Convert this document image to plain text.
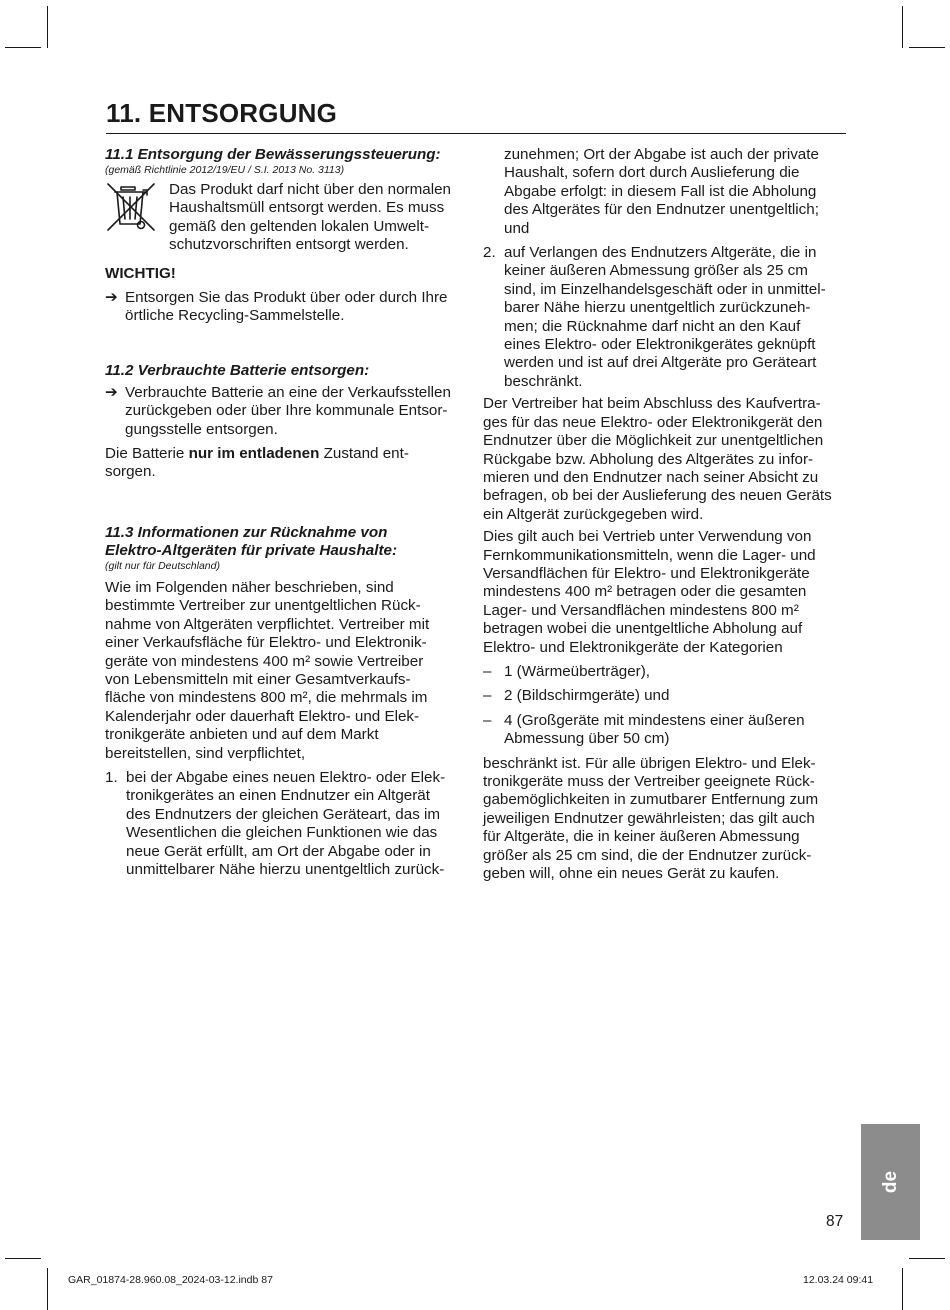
11. ENTSORGUNG

11.1 Entsorgung der Bewässerungssteuerung:

(gemäß Richtlinie 2012/19/EU / S.I. 2013 No. 3113)

Das Produkt darf nicht über den normalen

Haushaltsmüll entsorgt werden. Es muss

gemäß den geltenden lokalen Umwelt-

schutzvorschriften entsorgt werden.

WICHTIG!

➔ Entsorgen Sie das Produkt über oder durch Ihre

örtliche Recycling-Sammelstelle.

11.2 Verbrauchte Batterie entsorgen:

➔ Verbrauchte Batterie an eine der Verkaufsstellen

zurückgeben oder über Ihre kommunale Entsor-

gungsstelle entsorgen.

Die Batterie nur im entladenen Zustand ent-

sorgen.

11.3 Informationen zur Rücknahme von

Elektro-Altgeräten für private Haushalte:

(gilt nur für Deutschland)

Wie im Folgenden näher beschrieben, sind

bestimmte Vertreiber zur unentgeltlichen Rück-

nahme von Altgeräten verpflichtet. Vertreiber mit

einer Verkaufsfläche für Elektro- und Elektronik-

geräte von mindestens 400 m² sowie Vertreiber

von Lebensmitteln mit einer Gesamtverkaufs-

fläche von mindestens 800 m², die mehrmals im

Kalenderjahr oder dauerhaft Elektro- und Elek-

tronikgeräte anbieten und auf dem Markt

bereitstellen, sind verpflichtet,

1. bei der Abgabe eines neuen Elektro- oder Elek-

tronikgerätes an einen Endnutzer ein Altgerät

des Endnutzers der gleichen Geräteart, das im

Wesentlichen die gleichen Funktionen wie das

neue Gerät erfüllt, am Ort der Abgabe oder in

unmittelbarer Nähe hierzu unentgeltlich zurück-

zunehmen; Ort der Abgabe ist auch der private

Haushalt, sofern dort durch Auslieferung die

Abgabe erfolgt: in diesem Fall ist die Abholung

des Altgerätes für den Endnutzer unentgeltlich;

und

2. auf Verlangen des Endnutzers Altgeräte, die in

keiner äußeren Abmessung größer als 25 cm

sind, im Einzelhandelsgeschäft oder in unmittel-

barer Nähe hierzu unentgeltlich zurückzuneh-

men; die Rücknahme darf nicht an den Kauf

eines Elektro- oder Elektronikgerätes geknüpft

werden und ist auf drei Altgeräte pro Geräteart

beschränkt.

Der Vertreiber hat beim Abschluss des Kaufvertra-

ges für das neue Elektro- oder Elektronikgerät den

Endnutzer über die Möglichkeit zur unentgeltlichen

Rückgabe bzw. Abholung des Altgerätes zu infor-

mieren und den Endnutzer nach seiner Absicht zu

befragen, ob bei der Auslieferung des neuen Geräts

ein Altgerät zurückgegeben wird.

Dies gilt auch bei Vertrieb unter Verwendung von

Fernkommunikationsmitteln, wenn die Lager- und

Versandflächen für Elektro- und Elektronikgeräte

mindestens 400 m² betragen oder die gesamten

Lager- und Versandflächen mindestens 800 m²

betragen wobei die unentgeltliche Abholung auf

Elektro- und Elektronikgeräte der Kategorien

– 1 (Wärmeüberträger),

– 2 (Bildschirmgeräte) und

– 4 (Großgeräte mit mindestens einer äußeren

Abmessung über 50 cm)

beschränkt ist. Für alle übrigen Elektro- und Elek-

tronikgeräte muss der Vertreiber geeignete Rück-

gabemöglichkeiten in zumutbarer Entfernung zum

jeweiligen Endnutzer gewährleisten; das gilt auch

für Altgeräte, die in keiner äußeren Abmessung

größer als 25 cm sind, die der Endnutzer zurück-

geben will, ohne ein neues Gerät zu kaufen.

de
87
GAR_01874-28.960.08_2024-03-12.indb 87	12.03.24 09:41
